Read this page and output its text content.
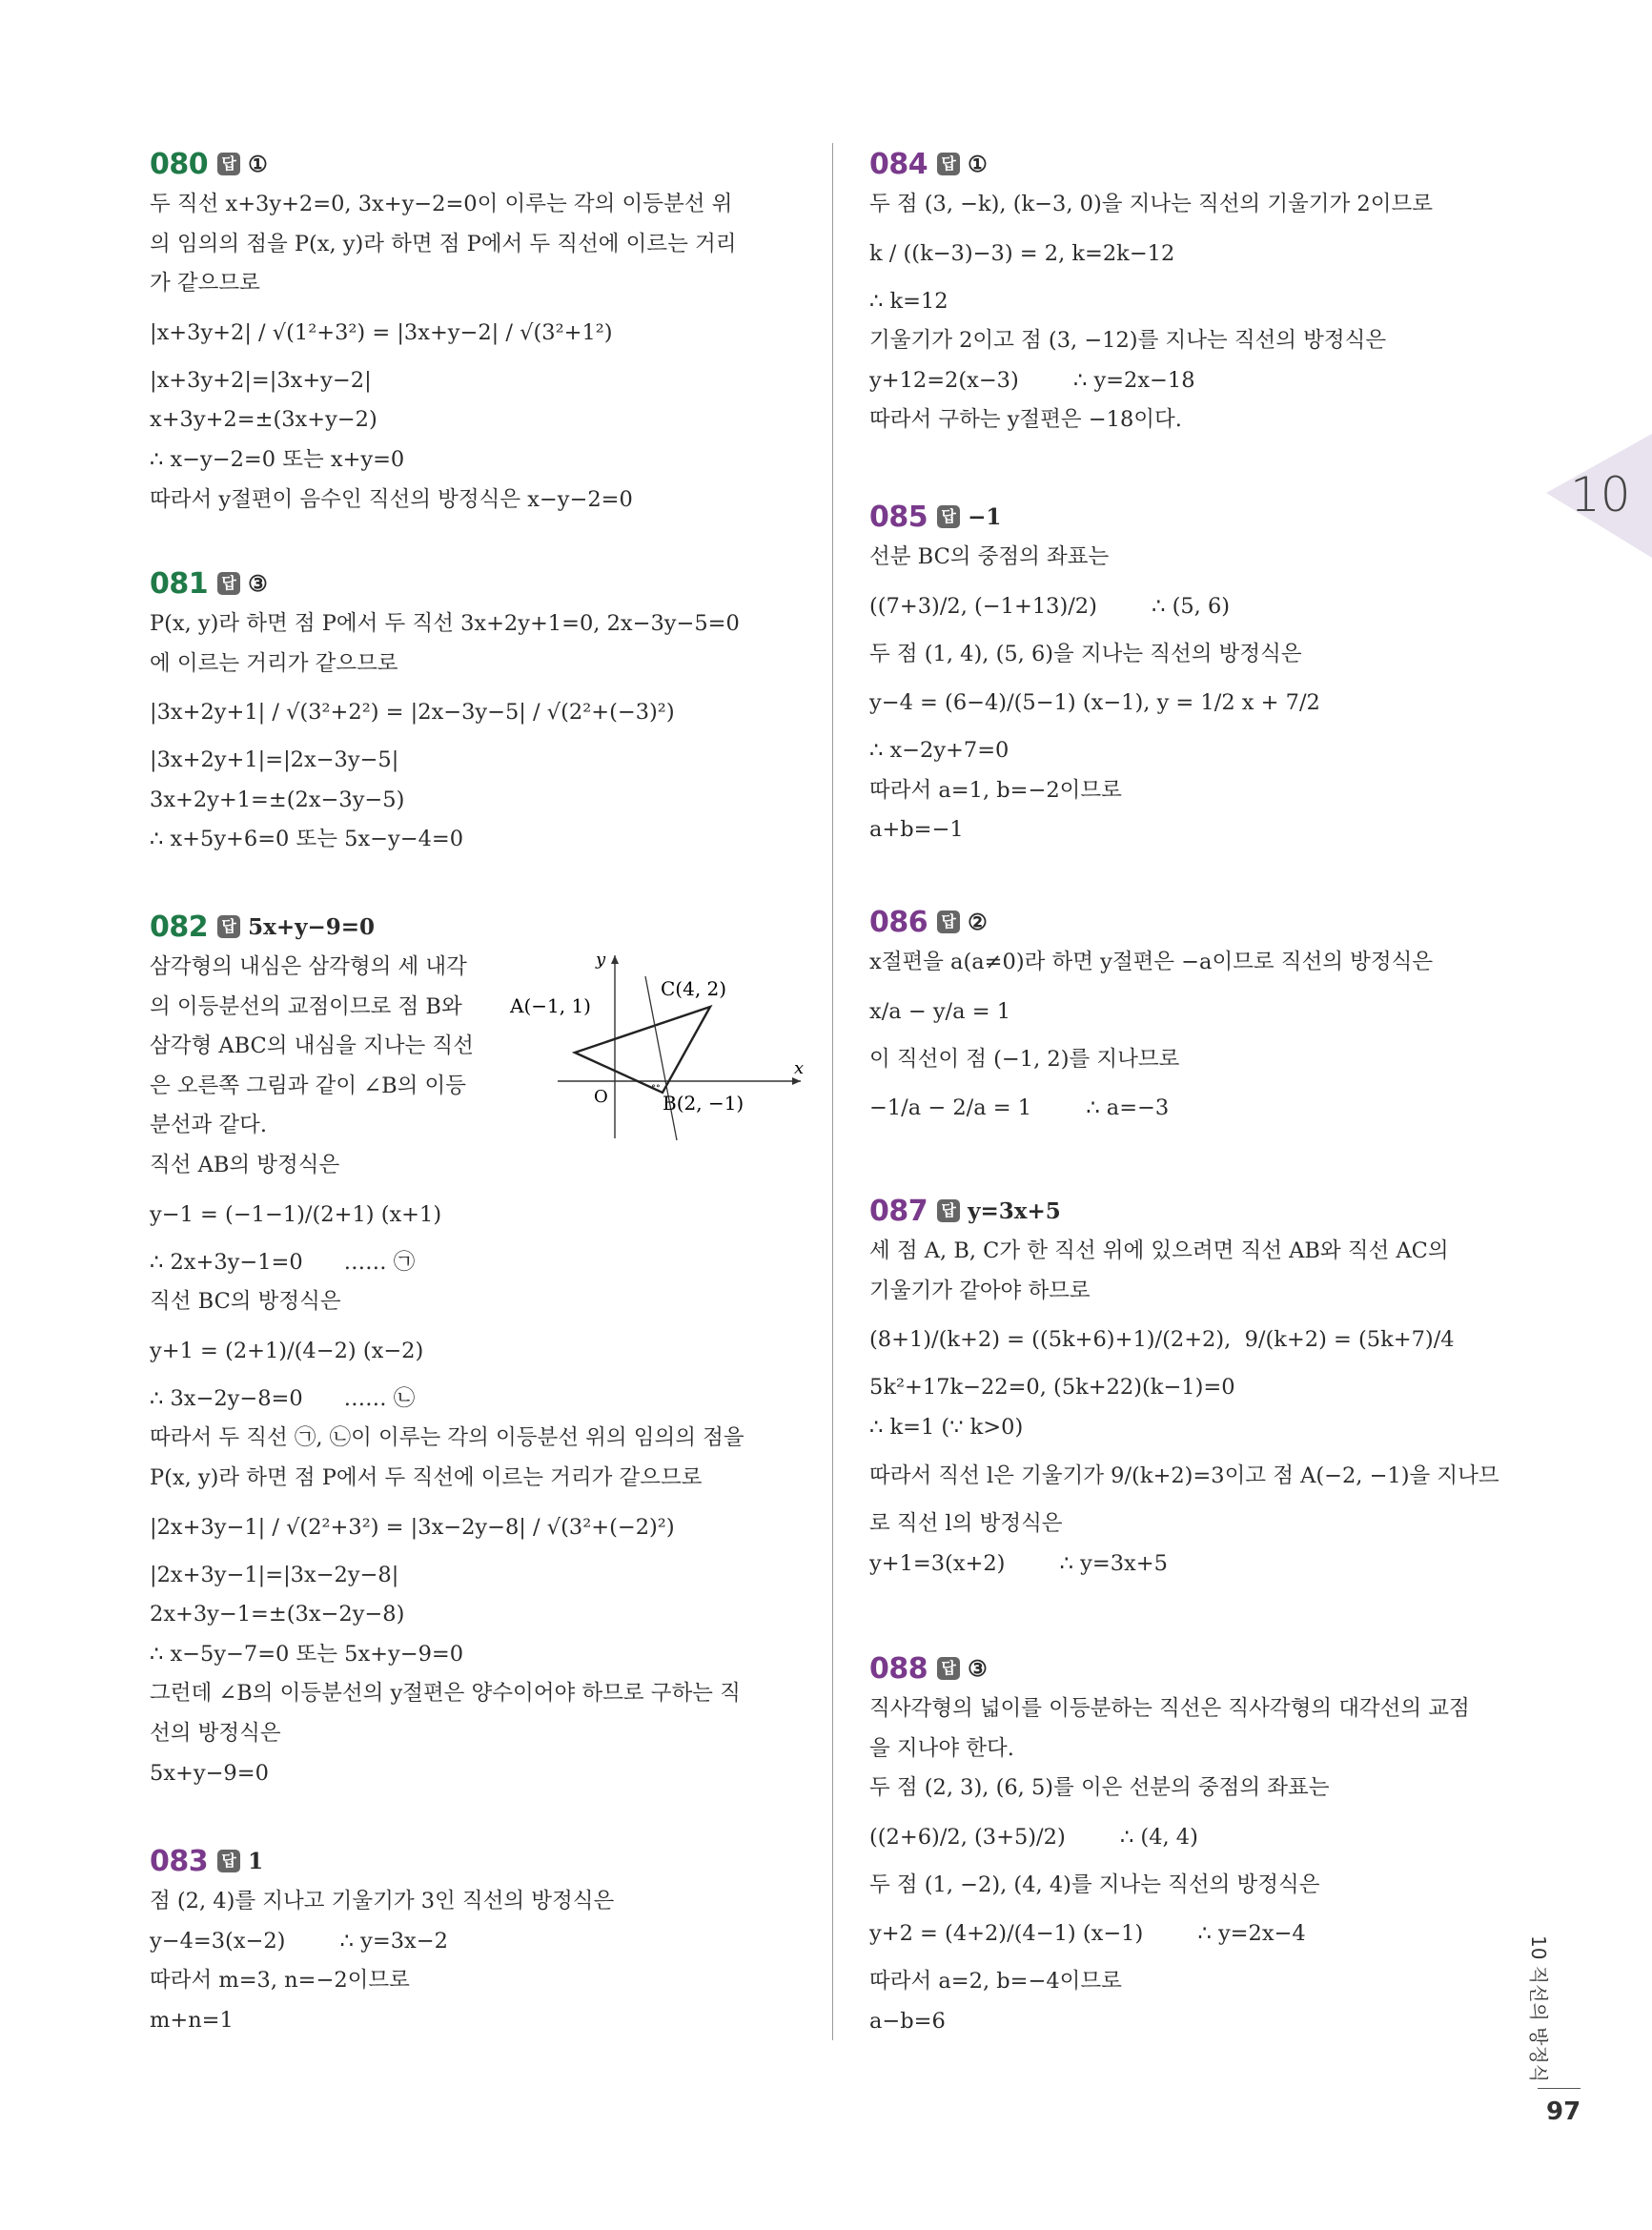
080 답 ①
두 직선 x+3y+2=0, 3x+y−2=0이 이루는 각의 이등분선 위
의 임의의 점을 P(x, y)라 하면 점 P에서 두 직선에 이르는 거리
가 같으므로
|x+3y+2| / √(1²+3²) = |3x+y−2| / √(3²+1²)
|x+3y+2|=|3x+y−2|
x+3y+2=±(3x+y−2)
∴ x−y−2=0 또는 x+y=0
따라서 y절편이 음수인 직선의 방정식은 x−y−2=0
081 답 ③
P(x, y)라 하면 점 P에서 두 직선 3x+2y+1=0, 2x−3y−5=0
에 이르는 거리가 같으므로
|3x+2y+1| / √(3²+2²) = |2x−3y−5| / √(2²+(−3)²)
|3x+2y+1|=|2x−3y−5|
3x+2y+1=±(2x−3y−5)
∴ x+5y+6=0 또는 5x−y−4=0
082 답 5x+y−9=0
삼각형의 내심은 삼각형의 세 내각
의 이등분선의 교점이므로 점 B와
삼각형 ABC의 내심을 지나는 직선
은 오른쪽 그림과 같이 ∠B의 이등
분선과 같다.
x
y
O
∘∘
A(−1, 1)
B(2, −1)
C(4, 2)
직선 AB의 방정식은
y−1 = (−1−1)/(2+1) (x+1)
∴ 2x+3y−1=0      …… ㉠
직선 BC의 방정식은
y+1 = (2+1)/(4−2) (x−2)
∴ 3x−2y−8=0      …… ㉡
따라서 두 직선 ㉠, ㉡이 이루는 각의 이등분선 위의 임의의 점을
P(x, y)라 하면 점 P에서 두 직선에 이르는 거리가 같으므로
|2x+3y−1| / √(2²+3²) = |3x−2y−8| / √(3²+(−2)²)
|2x+3y−1|=|3x−2y−8|
2x+3y−1=±(3x−2y−8)
∴ x−5y−7=0 또는 5x+y−9=0
그런데 ∠B의 이등분선의 y절편은 양수이어야 하므로 구하는 직
선의 방정식은
5x+y−9=0
083 답 1
점 (2, 4)를 지나고 기울기가 3인 직선의 방정식은
y−4=3(x−2)        ∴ y=3x−2
따라서 m=3, n=−2이므로
m+n=1
084 답 ①
두 점 (3, −k), (k−3, 0)을 지나는 직선의 기울기가 2이므로
k / ((k−3)−3) = 2, k=2k−12
∴ k=12
기울기가 2이고 점 (3, −12)를 지나는 직선의 방정식은
y+12=2(x−3)        ∴ y=2x−18
따라서 구하는 y절편은 −18이다.
085 답 −1
선분 BC의 중점의 좌표는
((7+3)/2, (−1+13)/2)        ∴ (5, 6)
두 점 (1, 4), (5, 6)을 지나는 직선의 방정식은
y−4 = (6−4)/(5−1) (x−1), y = 1/2 x + 7/2
∴ x−2y+7=0
따라서 a=1, b=−2이므로
a+b=−1
086 답 ②
x절편을 a(a≠0)라 하면 y절편은 −a이므로 직선의 방정식은
x/a − y/a = 1
이 직선이 점 (−1, 2)를 지나므로
−1/a − 2/a = 1        ∴ a=−3
087 답 y=3x+5
세 점 A, B, C가 한 직선 위에 있으려면 직선 AB와 직선 AC의
기울기가 같아야 하므로
(8+1)/(k+2) = ((5k+6)+1)/(2+2),  9/(k+2) = (5k+7)/4
5k²+17k−22=0, (5k+22)(k−1)=0
∴ k=1 (∵ k>0)
따라서 직선 l은 기울기가 9/(k+2)=3이고 점 A(−2, −1)을 지나므
로 직선 l의 방정식은
y+1=3(x+2)        ∴ y=3x+5
088 답 ③
직사각형의 넓이를 이등분하는 직선은 직사각형의 대각선의 교점
을 지나야 한다.
두 점 (2, 3), (6, 5)를 이은 선분의 중점의 좌표는
((2+6)/2, (3+5)/2)        ∴ (4, 4)
두 점 (1, −2), (4, 4)를 지나는 직선의 방정식은
y+2 = (4+2)/(4−1) (x−1)        ∴ y=2x−4
따라서 a=2, b=−4이므로
a−b=6
10
10 직선의 방정식
97
